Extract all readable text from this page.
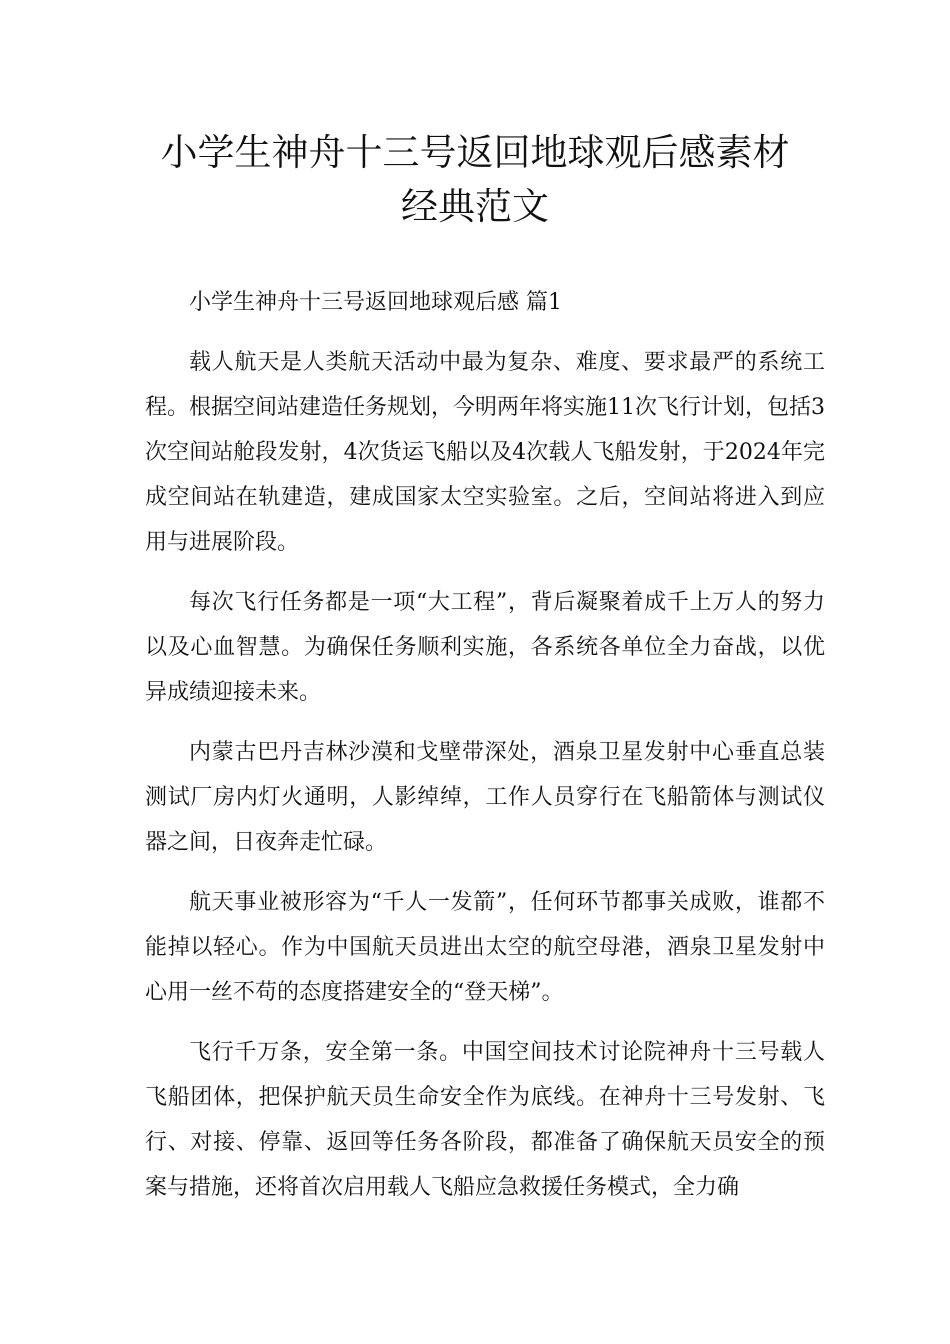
小学生神舟十三号返回地球观后感素材
经典范文

小学生神舟十三号返回地球观后感 篇1

载人航天是人类航天活动中最为复杂、难度、要求最严的系统工程。根据空间站建造任务规划，今明两年将实施11次飞行计划，包括3次空间站舱段发射，4次货运飞船以及4次载人飞船发射，于2024年完成空间站在轨建造，建成国家太空实验室。之后，空间站将进入到应用与进展阶段。

每次飞行任务都是一项“大工程”，背后凝聚着成千上万人的努力以及心血智慧。为确保任务顺利实施，各系统各单位全力奋战，以优异成绩迎接未来。

内蒙古巴丹吉林沙漠和戈壁带深处，酒泉卫星发射中心垂直总装测试厂房内灯火通明，人影绰绰，工作人员穿行在飞船箭体与测试仪器之间，日夜奔走忙碌。

航天事业被形容为“千人一发箭”，任何环节都事关成败，谁都不能掉以轻心。作为中国航天员进出太空的航空母港，酒泉卫星发射中心用一丝不苟的态度搭建安全的“登天梯”。

飞行千万条，安全第一条。中国空间技术讨论院神舟十三号载人飞船团体，把保护航天员生命安全作为底线。在神舟十三号发射、飞行、对接、停靠、返回等任务各阶段，都准备了确保航天员安全的预案与措施，还将首次启用载人飞船应急救援任务模式，全力确
